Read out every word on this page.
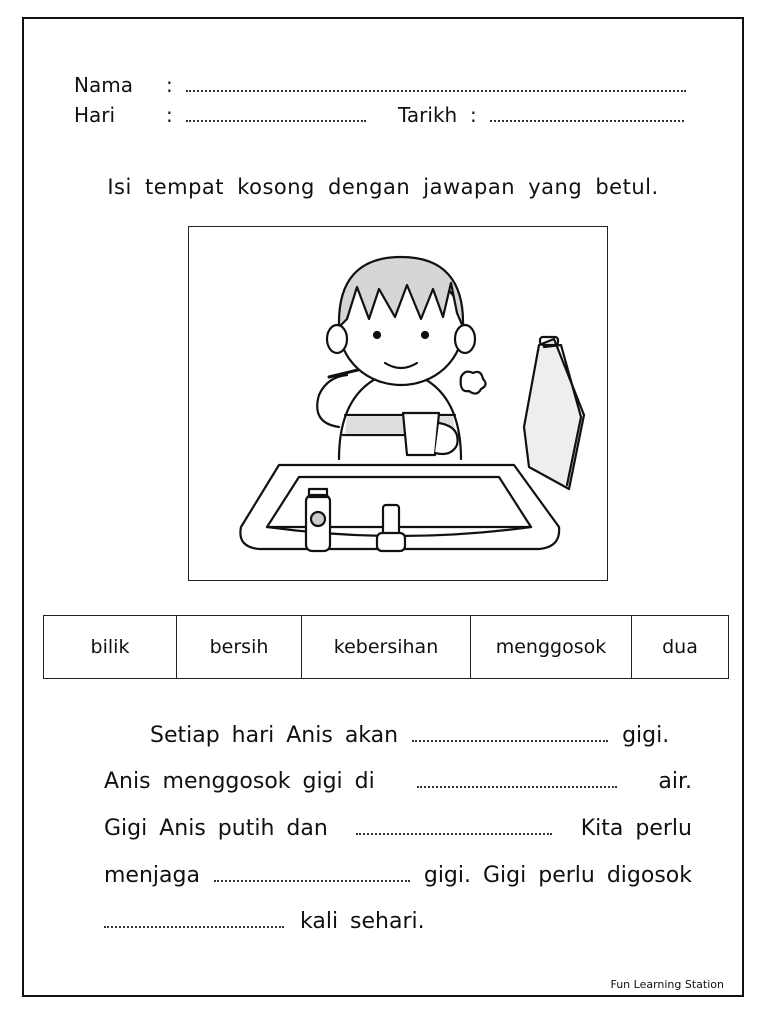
Nama :
Hari	:	Tarikh :
Isi tempat kosong dengan jawapan yang betul.
bilik	bersih	kebersihan	menggosok	dua
Setiap hari Anis akan	gigi.
Anis menggosok gigi di	air.
Gigi Anis putih dan	Kita perlu
menjaga	gigi. Gigi perlu digosok
kali sehari.
Fun Learning Station
